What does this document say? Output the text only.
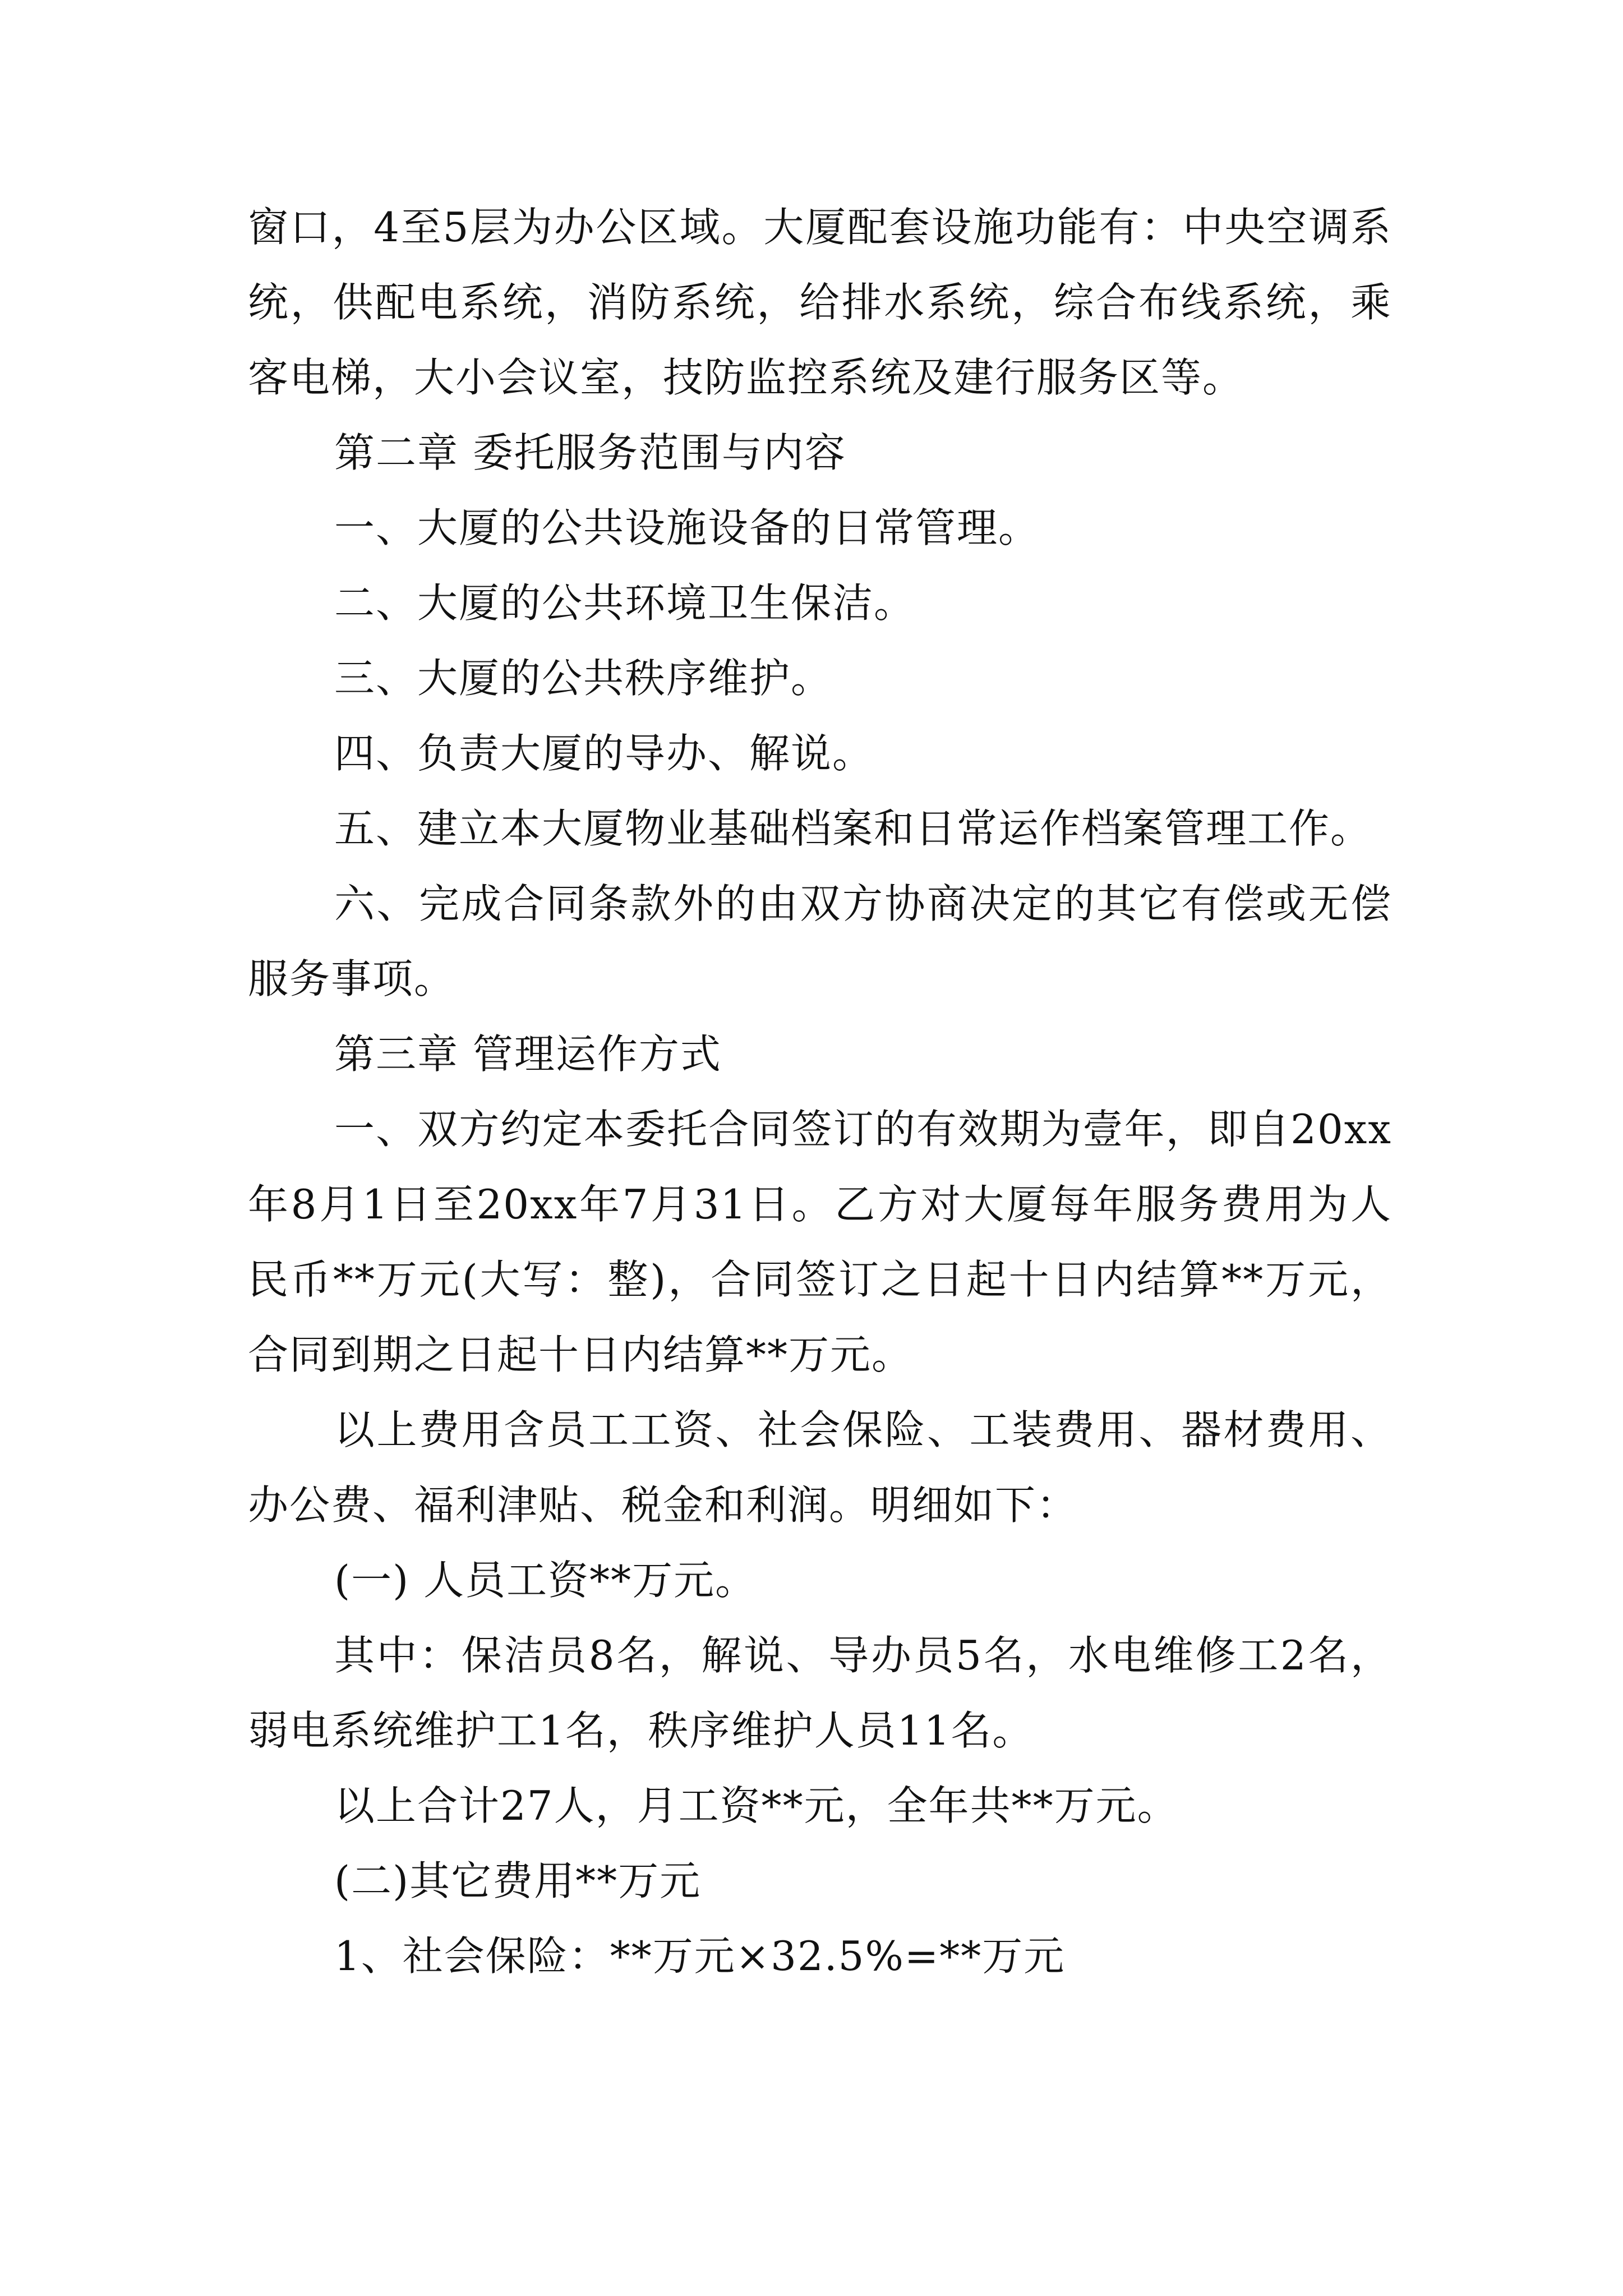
窗口，4至5层为办公区域。大厦配套设施功能有：中央空调系统，供配电系统，消防系统，给排水系统，综合布线系统，乘客电梯，大小会议室，技防监控系统及建行服务区等。

第二章 委托服务范围与内容

一、大厦的公共设施设备的日常管理。

二、大厦的公共环境卫生保洁。

三、大厦的公共秩序维护。

四、负责大厦的导办、解说。

五、建立本大厦物业基础档案和日常运作档案管理工作。

六、完成合同条款外的由双方协商决定的其它有偿或无偿服务事项。

第三章 管理运作方式

一、双方约定本委托合同签订的有效期为壹年，即自20xx年8月1日至20xx年7月31日。乙方对大厦每年服务费用为人民币**万元(大写：整)，合同签订之日起十日内结算**万元，合同到期之日起十日内结算**万元。

以上费用含员工工资、社会保险、工装费用、器材费用、办公费、福利津贴、税金和利润。明细如下：

(一) 人员工资**万元。

其中：保洁员8名，解说、导办员5名，水电维修工2名，弱电系统维护工1名，秩序维护人员11名。

以上合计27人，月工资**元，全年共**万元。

(二)其它费用**万元

1、社会保险：**万元×32.5%=**万元
